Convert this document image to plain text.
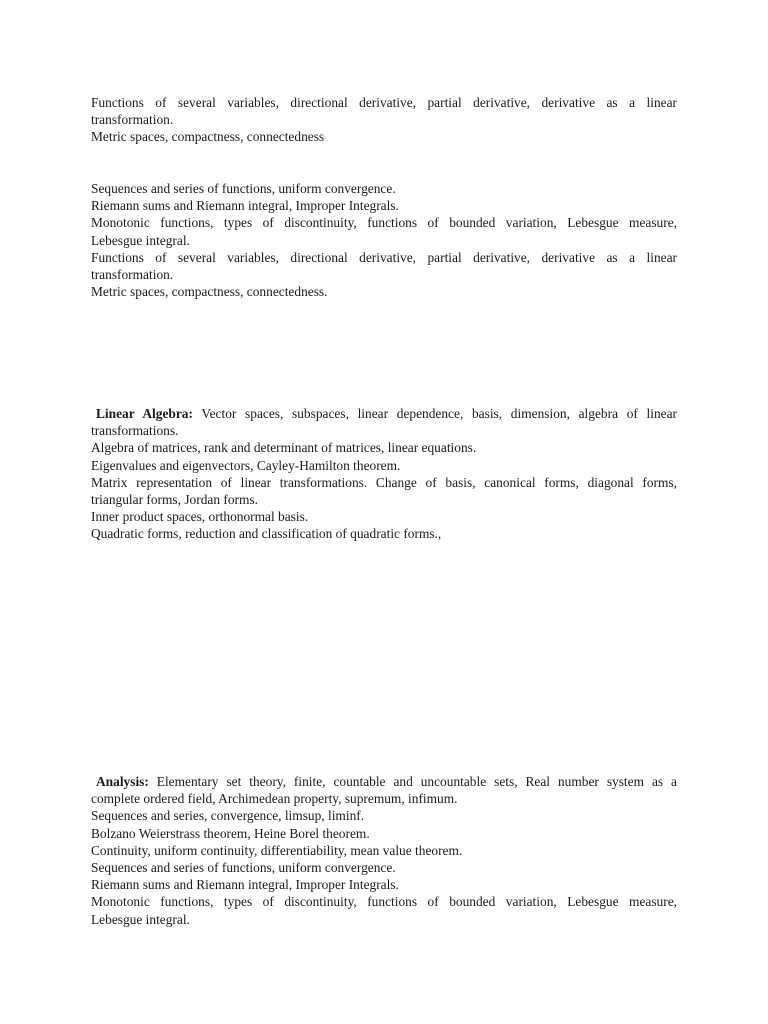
Functions of several variables, directional derivative, partial derivative, derivative as a linear
transformation.
Metric spaces, compactness, connectedness
Sequences and series of functions, uniform convergence.
Riemann sums and Riemann integral, Improper Integrals.
Monotonic functions, types of discontinuity, functions of bounded variation, Lebesgue measure,
Lebesgue integral.
Functions of several variables, directional derivative, partial derivative, derivative as a linear
transformation.
Metric spaces, compactness, connectedness.
Linear Algebra: Vector spaces, subspaces, linear dependence, basis, dimension, algebra of linear
transformations.
Algebra of matrices, rank and determinant of matrices, linear equations.
Eigenvalues and eigenvectors, Cayley-Hamilton theorem.
Matrix representation of linear transformations. Change of basis, canonical forms, diagonal forms,
triangular forms, Jordan forms.
Inner product spaces, orthonormal basis.
Quadratic forms, reduction and classification of quadratic forms.,
Analysis: Elementary set theory, finite, countable and uncountable sets, Real number system as a
complete ordered field, Archimedean property, supremum, infimum.
Sequences and series, convergence, limsup, liminf.
Bolzano Weierstrass theorem, Heine Borel theorem.
Continuity, uniform continuity, differentiability, mean value theorem.
Sequences and series of functions, uniform convergence.
Riemann sums and Riemann integral, Improper Integrals.
Monotonic functions, types of discontinuity, functions of bounded variation, Lebesgue measure,
Lebesgue integral.
